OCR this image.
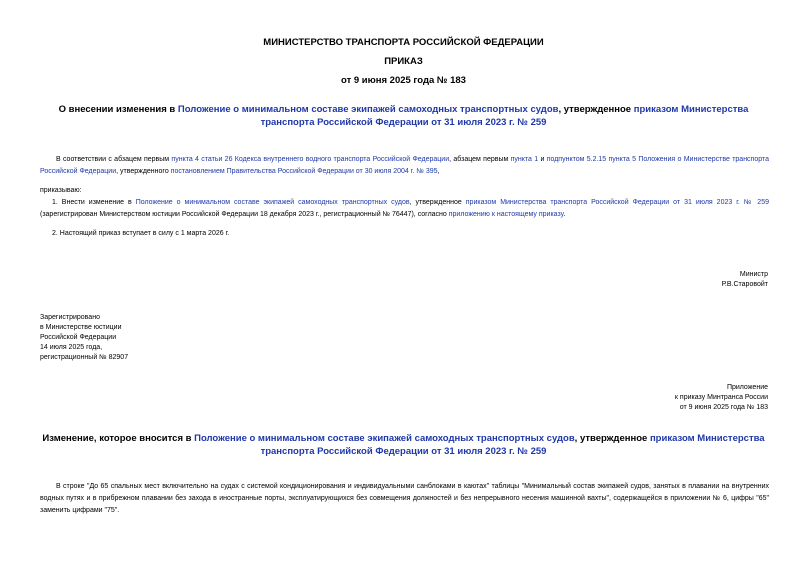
МИНИСТЕРСТВО ТРАНСПОРТА РОССИЙСКОЙ ФЕДЕРАЦИИ
ПРИКАЗ
от 9 июня 2025 года № 183
О внесении изменения в Положение о минимальном составе экипажей самоходных транспортных судов, утвержденное приказом Министерства транспорта Российской Федерации от 31 июля 2023 г. № 259
В соответствии с абзацем первым пункта 4 статьи 26 Кодекса внутреннего водного транспорта Российской Федерации, абзацем первым пункта 1 и подпунктом 5.2.15 пункта 5 Положения о Министерстве транспорта Российской Федерации, утвержденного постановлением Правительства Российской Федерации от 30 июля 2004 г. № 395,
приказываю:
1. Внести изменение в Положение о минимальном составе экипажей самоходных транспортных судов, утвержденное приказом Министерства транспорта Российской Федерации от 31 июля 2023 г. № 259 (зарегистрирован Министерством юстиции Российской Федерации 18 декабря 2023 г., регистрационный № 76447), согласно приложению к настоящему приказу.
2. Настоящий приказ вступает в силу с 1 марта 2026 г.
Министр
Р.В.Старовойт
Зарегистрировано
в Министерстве юстиции
Российской Федерации
14 июля 2025 года,
регистрационный № 82907
Приложение
к приказу Минтранса России
от 9 июня 2025 года № 183
Изменение, которое вносится в Положение о минимальном составе экипажей самоходных транспортных судов, утвержденное приказом Министерства транспорта Российской Федерации от 31 июля 2023 г. № 259
В строке "До 65 спальных мест включительно на судах с системой кондиционирования и индивидуальными санблоками в каютах" таблицы "Минимальный состав экипажей судов, занятых в плавании на внутренних водных путях и в прибрежном плавании без захода в иностранные порты, эксплуатирующихся без совмещения должностей и без непрерывного несения машинной вахты", содержащейся в приложении № 6, цифры "65" заменить цифрами "75".
